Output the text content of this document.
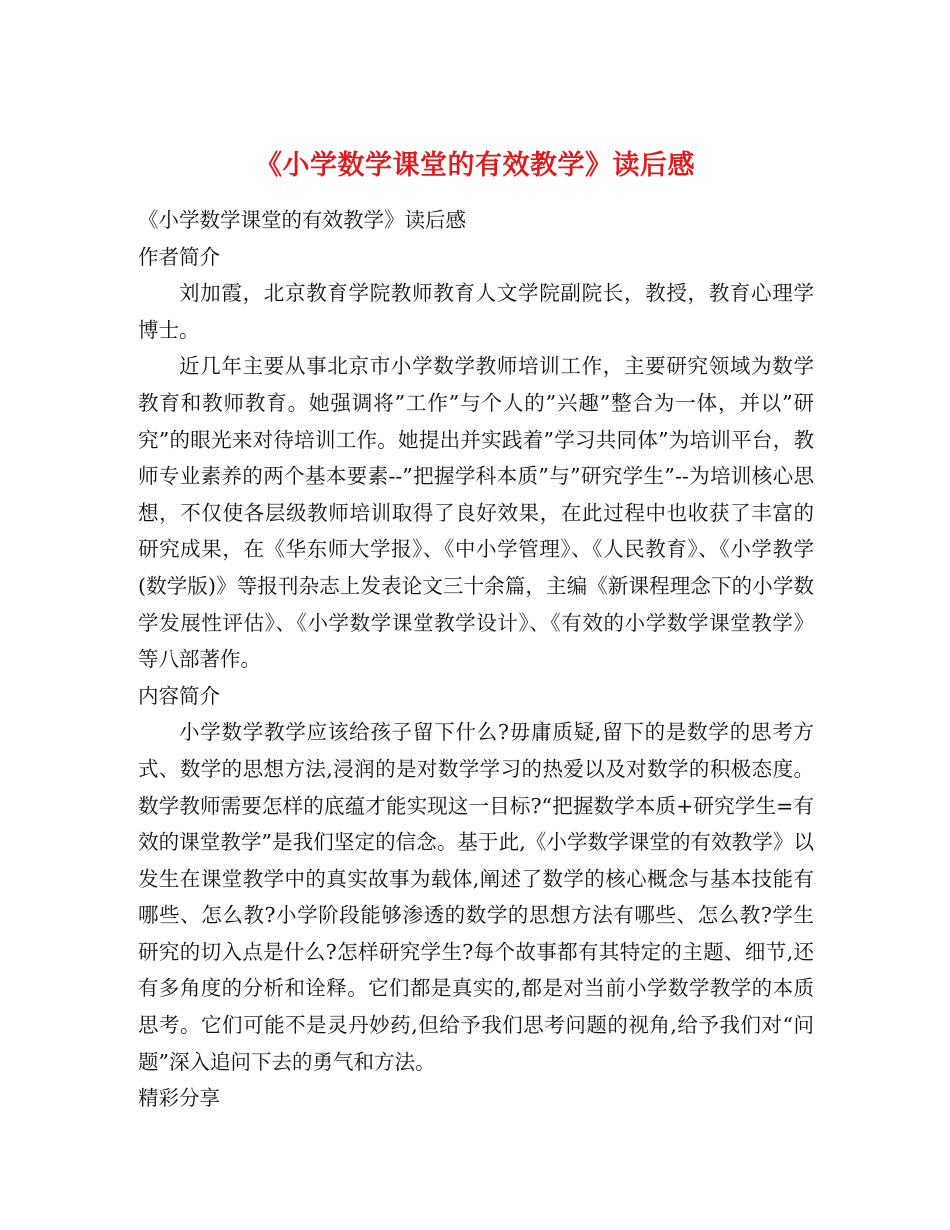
《小学数学课堂的有效教学》读后感

《小学数学课堂的有效教学》读后感

作者简介

刘加霞，北京教育学院教师教育人文学院副院长，教授，教育心理学博士。

近几年主要从事北京市小学数学教师培训工作，主要研究领域为数学教育和教师教育。她强调将”工作”与个人的”兴趣”整合为一体，并以”研究”的眼光来对待培训工作。她提出并实践着”学习共同体”为培训平台，教师专业素养的两个基本要素--”把握学科本质”与”研究学生”--为培训核心思想，不仅使各层级教师培训取得了良好效果，在此过程中也收获了丰富的研究成果，在《华东师大学报》、《中小学管理》、《人民教育》、《小学教学(数学版)》等报刊杂志上发表论文三十余篇，主编《新课程理念下的小学数学发展性评估》、《小学数学课堂教学设计》、《有效的小学数学课堂教学》等八部著作。

内容简介

小学数学教学应该给孩子留下什么?毋庸质疑,留下的是数学的思考方式、数学的思想方法,浸润的是对数学学习的热爱以及对数学的积极态度。数学教师需要怎样的底蕴才能实现这一目标?“把握数学本质+研究学生=有效的课堂教学”是我们坚定的信念。基于此,《小学数学课堂的有效教学》以发生在课堂教学中的真实故事为载体,阐述了数学的核心概念与基本技能有哪些、怎么教?小学阶段能够渗透的数学的思想方法有哪些、怎么教?学生研究的切入点是什么?怎样研究学生?每个故事都有其特定的主题、细节,还有多角度的分析和诠释。它们都是真实的,都是对当前小学数学教学的本质思考。它们可能不是灵丹妙药,但给予我们思考问题的视角,给予我们对“问题”深入追问下去的勇气和方法。

精彩分享
